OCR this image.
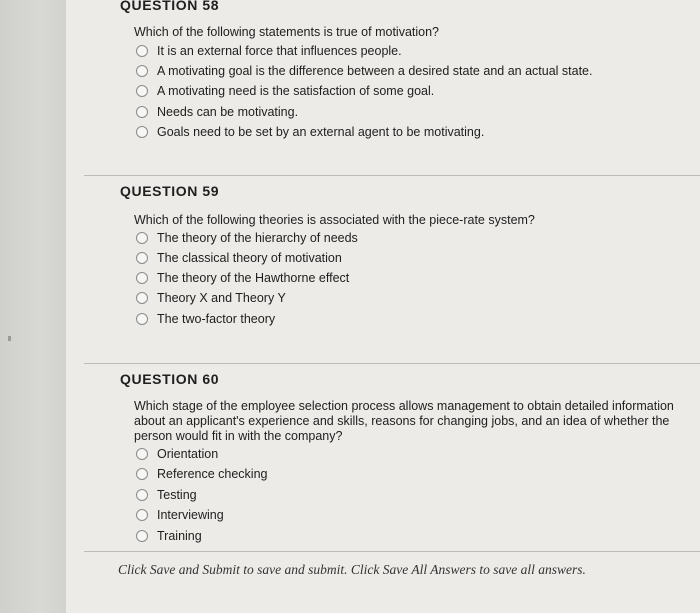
QUESTION 58
Which of the following statements is true of motivation?
It is an external force that influences people.
A motivating goal is the difference between a desired state and an actual state.
A motivating need is the satisfaction of some goal.
Needs can be motivating.
Goals need to be set by an external agent to be motivating.
QUESTION 59
Which of the following theories is associated with the piece-rate system?
The theory of the hierarchy of needs
The classical theory of motivation
The theory of the Hawthorne effect
Theory X and Theory Y
The two-factor theory
QUESTION 60
Which stage of the employee selection process allows management to obtain detailed information about an applicant's experience and skills, reasons for changing jobs, and an idea of whether the person would fit in with the company?
Orientation
Reference checking
Testing
Interviewing
Training
Click Save and Submit to save and submit. Click Save All Answers to save all answers.
